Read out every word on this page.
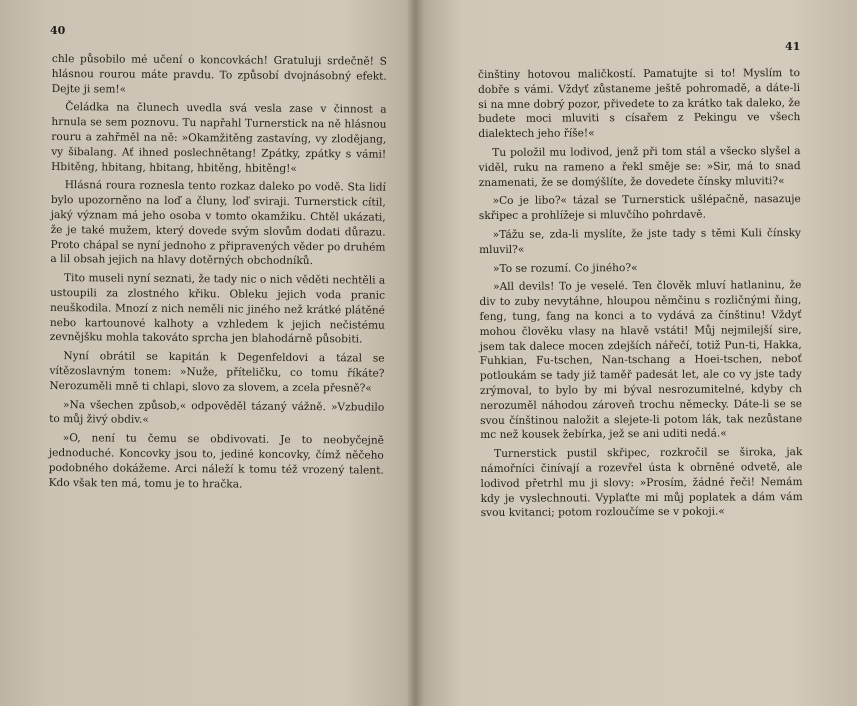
40

chle působilo mé učení o koncovkách! Gratuluji srdečně! S hlásnou rourou máte pravdu. To způsobí dvojnásobný efekt. Dejte ji sem!«

Čeládka na člunech uvedla svá vesla zase v činnost a hrnula se sem poznovu. Tu napřahl Turnerstick na ně hlásnou rouru a zahřměl na ně: »Okamžitěng zastavíng, vy zlodějang, vy šibalang. Ať ihned poslechnětang! Zpátky, zpátky s vámi! Hbitěng, hbitang, hbitang, hbitěng, hbitěng!«

Hlásná roura roznesla tento rozkaz daleko po vodě. Sta lidí bylo upozorněno na loď a čluny, loď sviraji. Turnerstick cítil, jaký význam má jeho osoba v tomto okamžiku. Chtěl ukázati, že je také mužem, který dovede svým slovům dodati důrazu. Proto chápal se nyní jednoho z připravených věder po druhém a lil obsah jejich na hlavy dotěrných obchodníků.

Tito museli nyní seznati, že tady nic o nich věděti nechtěli a ustoupili za zlostného křiku. Obleku jejich voda pranic neuškodila. Mnozí z nich neměli nic jiného než krátké plátěné nebo kartounové kalhoty a vzhledem k jejich nečistému zevnějšku mohla takováto sprcha jen blahodárně působiti.

Nyní obrátil se kapitán k Degenfeldovi a tázal se vítězoslavným tonem: »Nuže, příteličku, co tomu říkáte? Nerozuměli mně ti chlapi, slovo za slovem, a zcela přesně?«

»Na všechen způsob,« odpověděl tázaný vážně. »Vzbudilo to můj živý obdiv.«

»O, není tu čemu se obdivovati. Je to neobyčejně jednoduché. Koncovky jsou to, jediné koncovky, čímž něčeho podobného dokážeme. Arci náleží k tomu též vrozený talent. Kdo však ten má, tomu je to hračka.

41

činštiny hotovou maličkostí. Pamatujte si to! Myslím to dobře s vámi. Vždyť zůstaneme ještě pohromadě, a dáte-li si na mne dobrý pozor, přivedete to za krátko tak daleko, že budete moci mluviti s císařem z Pekingu ve všech dialektech jeho říše!«

Tu položil mu lodivod, jenž při tom stál a všecko slyšel a viděl, ruku na rameno a řekl směje se: »Sir, má to snad znamenati, že se domýšlíte, že dovedete čínsky mluviti?«

»Co je libo?« tázal se Turnerstick ušlépačně, nasazuje skřipec a prohlížeje si mluvčího pohrdavě.

»Tážu se, zda-li myslíte, že jste tady s těmi Kuli čínsky mluvil?«

»To se rozumí. Co jiného?«

»All devils! To je veselé. Ten člověk mluví hatlaninu, že div to zuby nevytáhne, hloupou němčinu s rozličnými ňing, feng, tung, fang na konci a to vydává za čínštinu! Vždyť mohou člověku vlasy na hlavě vstáti! Můj nejmilejší sire, jsem tak dalece mocen zdejších nářečí, totiž Pun-ti, Hakka, Fuhkian, Fu-tschen, Nan-tschang a Hoei-tschen, neboť potloukám se tady již taměř padesát let, ale co vy jste tady zrýmoval, to bylo by mi býval nesrozumitelné, kdyby ch nerozuměl náhodou zároveň trochu německy. Dáte-li se se svou čínštinou naložit a slejete-li potom lák, tak nezůstane mc než kousek žebírka, jež se ani uditi nedá.«

Turnerstick pustil skřipec, rozkročil se široka, jak námořníci činívají a rozevřel ústa k obrněné odvetě, ale lodivod přetrhl mu ji slovy: »Prosím, žádné řeči! Nemám kdy je vyslechnouti. Vyplaťte mi můj poplatek a dám vám svou kvitanci; potom rozloučíme se v pokoji.«
